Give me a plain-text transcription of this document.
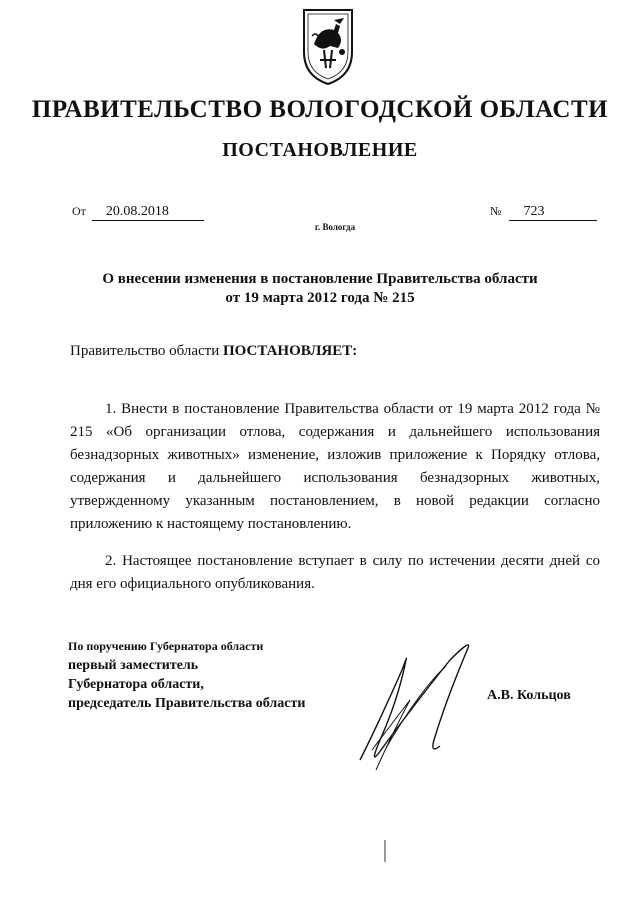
ПРАВИТЕЛЬСТВО ВОЛОГОДСКОЙ ОБЛАСТИ
ПОСТАНОВЛЕНИЕ
От 20.08.2018	№ 723
г. Вологда
О внесении изменения в постановление Правительства области
от 19 марта 2012 года № 215
Правительство области ПОСТАНОВЛЯЕТ:

1. Внести в постановление Правительства области от 19 марта 2012 года № 215 «Об организации отлова, содержания и дальнейшего использования безнадзорных животных» изменение, изложив приложение к Порядку отлова, содержания и дальнейшего использования безнадзорных животных, утвержденному указанным постановлением, в новой редакции согласно приложению к настоящему постановлению.

2. Настоящее постановление вступает в силу по истечении десяти дней со дня его официального опубликования.

По поручению Губернатора области
первый заместитель
Губернатора области,
председатель Правительства области
А.В. Кольцов
